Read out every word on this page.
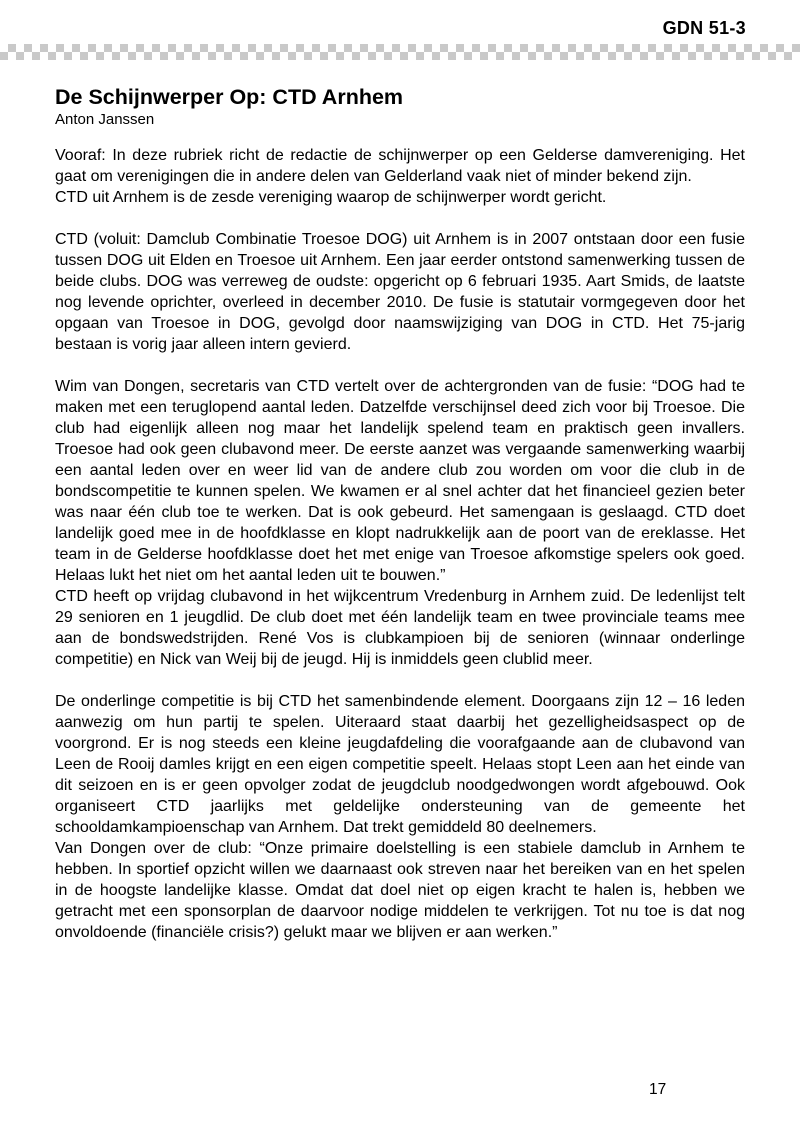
GDN 51-3
De Schijnwerper Op: CTD Arnhem
Anton Janssen

Vooraf: In deze rubriek richt de redactie de schijnwerper op een Gelderse damvereniging. Het gaat om verenigingen die in andere delen van Gelderland vaak niet of minder bekend zijn.

CTD uit Arnhem is de zesde vereniging waarop de schijnwerper wordt gericht.

CTD (voluit: Damclub Combinatie Troesoe DOG) uit Arnhem is in 2007 ontstaan door een fusie tussen DOG uit Elden en Troesoe uit Arnhem. Een jaar eerder ontstond samenwerking tussen de beide clubs. DOG was verreweg de oudste: opgericht op 6 februari 1935. Aart Smids, de laatste nog levende oprichter, overleed in december 2010. De fusie is statutair vormgegeven door het opgaan van Troesoe in DOG, gevolgd door naamswijziging van DOG in CTD. Het 75-jarig bestaan is vorig jaar alleen intern gevierd.

Wim van Dongen, secretaris van CTD vertelt over de achtergronden van de fusie: “DOG had te maken met een teruglopend aantal leden. Datzelfde verschijnsel deed zich voor bij Troesoe. Die club had eigenlijk alleen nog maar het landelijk spelend team en praktisch geen invallers. Troesoe had ook geen clubavond meer. De eerste aanzet was vergaande samenwerking waarbij een aantal leden over en weer lid van de andere club zou worden om voor die club in de bondscompetitie te kunnen spelen. We kwamen er al snel achter dat het financieel gezien beter was naar één club toe te werken. Dat is ook gebeurd. Het samengaan is geslaagd. CTD doet landelijk goed mee in de hoofdklasse en klopt nadrukkelijk aan de poort van de ereklasse. Het team in de Gelderse hoofdklasse doet het met enige van Troesoe afkomstige spelers ook goed. Helaas lukt het niet om het aantal leden uit te bouwen.”

CTD heeft op vrijdag clubavond in het wijkcentrum Vredenburg in Arnhem zuid. De ledenlijst telt 29 senioren en 1 jeugdlid. De club doet met één landelijk team en twee provinciale teams mee aan de bondswedstrijden. René Vos is clubkampioen bij de senioren (winnaar onderlinge competitie) en Nick van Weij bij de jeugd. Hij is inmiddels geen clublid meer.

De onderlinge competitie is bij CTD het samenbindende element. Doorgaans zijn 12 – 16 leden aanwezig om hun partij te spelen. Uiteraard staat daarbij het gezelligheidsaspect op de voorgrond. Er is nog steeds een kleine jeugdafdeling die voorafgaande aan de clubavond van Leen de Rooij damles krijgt en een eigen competitie speelt. Helaas stopt Leen aan het einde van dit seizoen en is er geen opvolger zodat de jeugdclub noodgedwongen wordt afgebouwd. Ook organiseert CTD jaarlijks met geldelijke ondersteuning van de gemeente het schooldamkampioenschap van Arnhem. Dat trekt gemiddeld 80 deelnemers.

Van Dongen over de club: “Onze primaire doelstelling is een stabiele damclub in Arnhem te hebben. In sportief opzicht willen we daarnaast ook streven naar het bereiken van en het spelen in de hoogste landelijke klasse. Omdat dat doel niet op eigen kracht te halen is, hebben we getracht met een sponsorplan de daarvoor nodige middelen te verkrijgen. Tot nu toe is dat nog onvoldoende (financiële crisis?) gelukt maar we blijven er aan werken.”

17
